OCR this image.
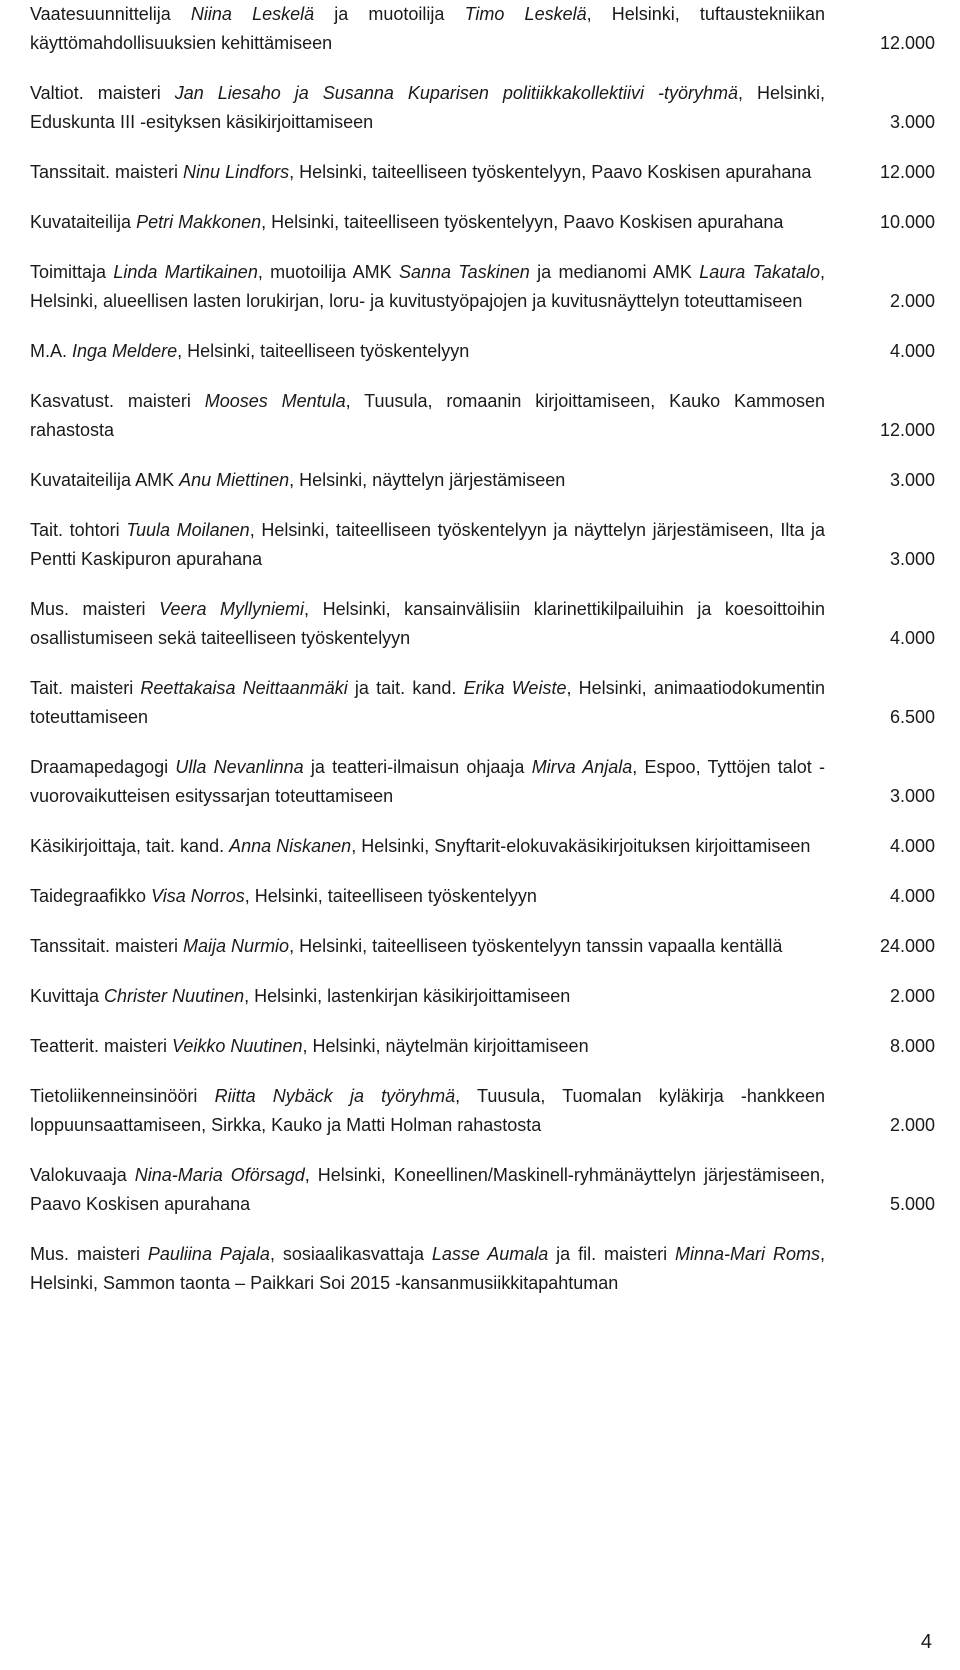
Vaatesuunnittelija Niina Leskelä ja muotoilija Timo Leskelä, Helsinki, tuftaustekniikan käyttömahdollisuuksien kehittämiseen	12.000
Valtiot. maisteri Jan Liesaho ja Susanna Kuparisen politiikkakollektiivi -työryhmä, Helsinki, Eduskunta III -esityksen käsikirjoittamiseen	3.000
Tanssitait. maisteri Ninu Lindfors, Helsinki, taiteelliseen työskentelyyn, Paavo Koskisen apurahana	12.000
Kuvataiteilija Petri Makkonen, Helsinki, taiteelliseen työskentelyyn, Paavo Koskisen apurahana	10.000
Toimittaja Linda Martikainen, muotoilija AMK Sanna Taskinen ja medianomi AMK Laura Takatalo, Helsinki, alueellisen lasten lorukirjan, loru- ja kuvitustyöpajojen ja kuvitusnäyttelyn toteuttamiseen	2.000
M.A. Inga Meldere, Helsinki, taiteelliseen työskentelyyn	4.000
Kasvatust. maisteri Mooses Mentula, Tuusula, romaanin kirjoittamiseen, Kauko Kammosen rahastosta	12.000
Kuvataiteilija AMK Anu Miettinen, Helsinki, näyttelyn järjestämiseen	3.000
Tait. tohtori Tuula Moilanen, Helsinki, taiteelliseen työskentelyyn ja näyttelyn järjestämiseen, Ilta ja Pentti Kaskipuron apurahana	3.000
Mus. maisteri Veera Myllyniemi, Helsinki, kansainvälisiin klarinettikilpailuihin ja koesoittoihin osallistumiseen sekä taiteelliseen työskentelyyn	4.000
Tait. maisteri Reettakaisa Neittaanmäki ja tait. kand. Erika Weiste, Helsinki, animaatiodokumentin toteuttamiseen	6.500
Draamapedagogi Ulla Nevanlinna ja teatteri-ilmaisun ohjaaja Mirva Anjala, Espoo, Tyttöjen talot -vuorovaikutteisen esityssarjan toteuttamiseen	3.000
Käsikirjoittaja, tait. kand. Anna Niskanen, Helsinki, Snyftarit-elokuvakäsikirjoituksen kirjoittamiseen	4.000
Taidegraafikko Visa Norros, Helsinki, taiteelliseen työskentelyyn	4.000
Tanssitait. maisteri Maija Nurmio, Helsinki, taiteelliseen työskentelyyn tanssin vapaalla kentällä	24.000
Kuvittaja Christer Nuutinen, Helsinki, lastenkirjan käsikirjoittamiseen	2.000
Teatterit. maisteri Veikko Nuutinen, Helsinki, näytelmän kirjoittamiseen	8.000
Tietoliikenneinsinööri Riitta Nybäck ja työryhmä, Tuusula, Tuomalan kyläkirja -hankkeen loppuunsaattamiseen, Sirkka, Kauko ja Matti Holman rahastosta	2.000
Valokuvaaja Nina-Maria Oförsagd, Helsinki, Koneellinen/Maskinell-ryhmänäyttelyn järjestämiseen, Paavo Koskisen apurahana	5.000
Mus. maisteri Pauliina Pajala, sosiaalikasvattaja Lasse Aumala ja fil. maisteri Minna-Mari Roms, Helsinki, Sammon taonta – Paikkari Soi 2015 -kansanmusiikkitapahtuman
4
